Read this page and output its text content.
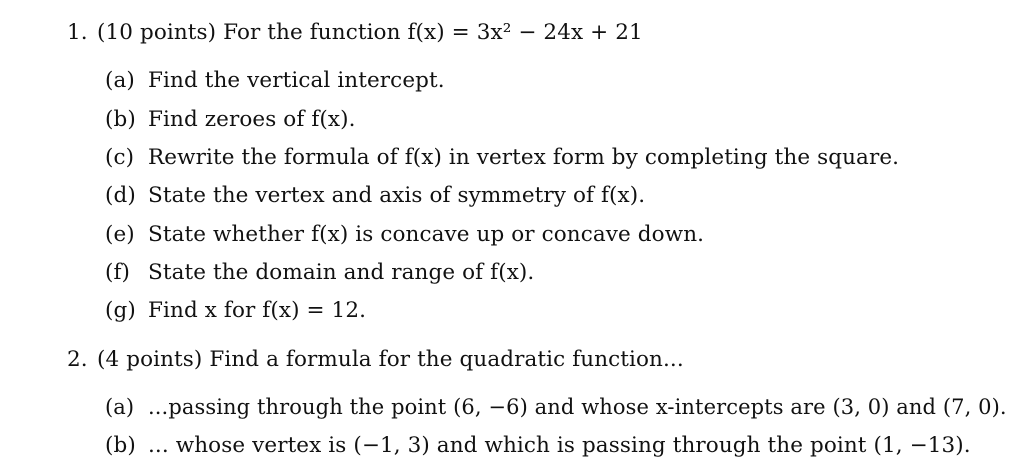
1. (10 points) For the function f(x) = 3x² − 24x + 21
(a) Find the vertical intercept.
(b) Find zeroes of f(x).
(c) Rewrite the formula of f(x) in vertex form by completing the square.
(d) State the vertex and axis of symmetry of f(x).
(e) State whether f(x) is concave up or concave down.
(f) State the domain and range of f(x).
(g) Find x for f(x) = 12.
2. (4 points) Find a formula for the quadratic function...
(a) ...passing through the point (6, −6) and whose x-intercepts are (3, 0) and (7, 0).
(b) ... whose vertex is (−1, 3) and which is passing through the point (1, −13).
